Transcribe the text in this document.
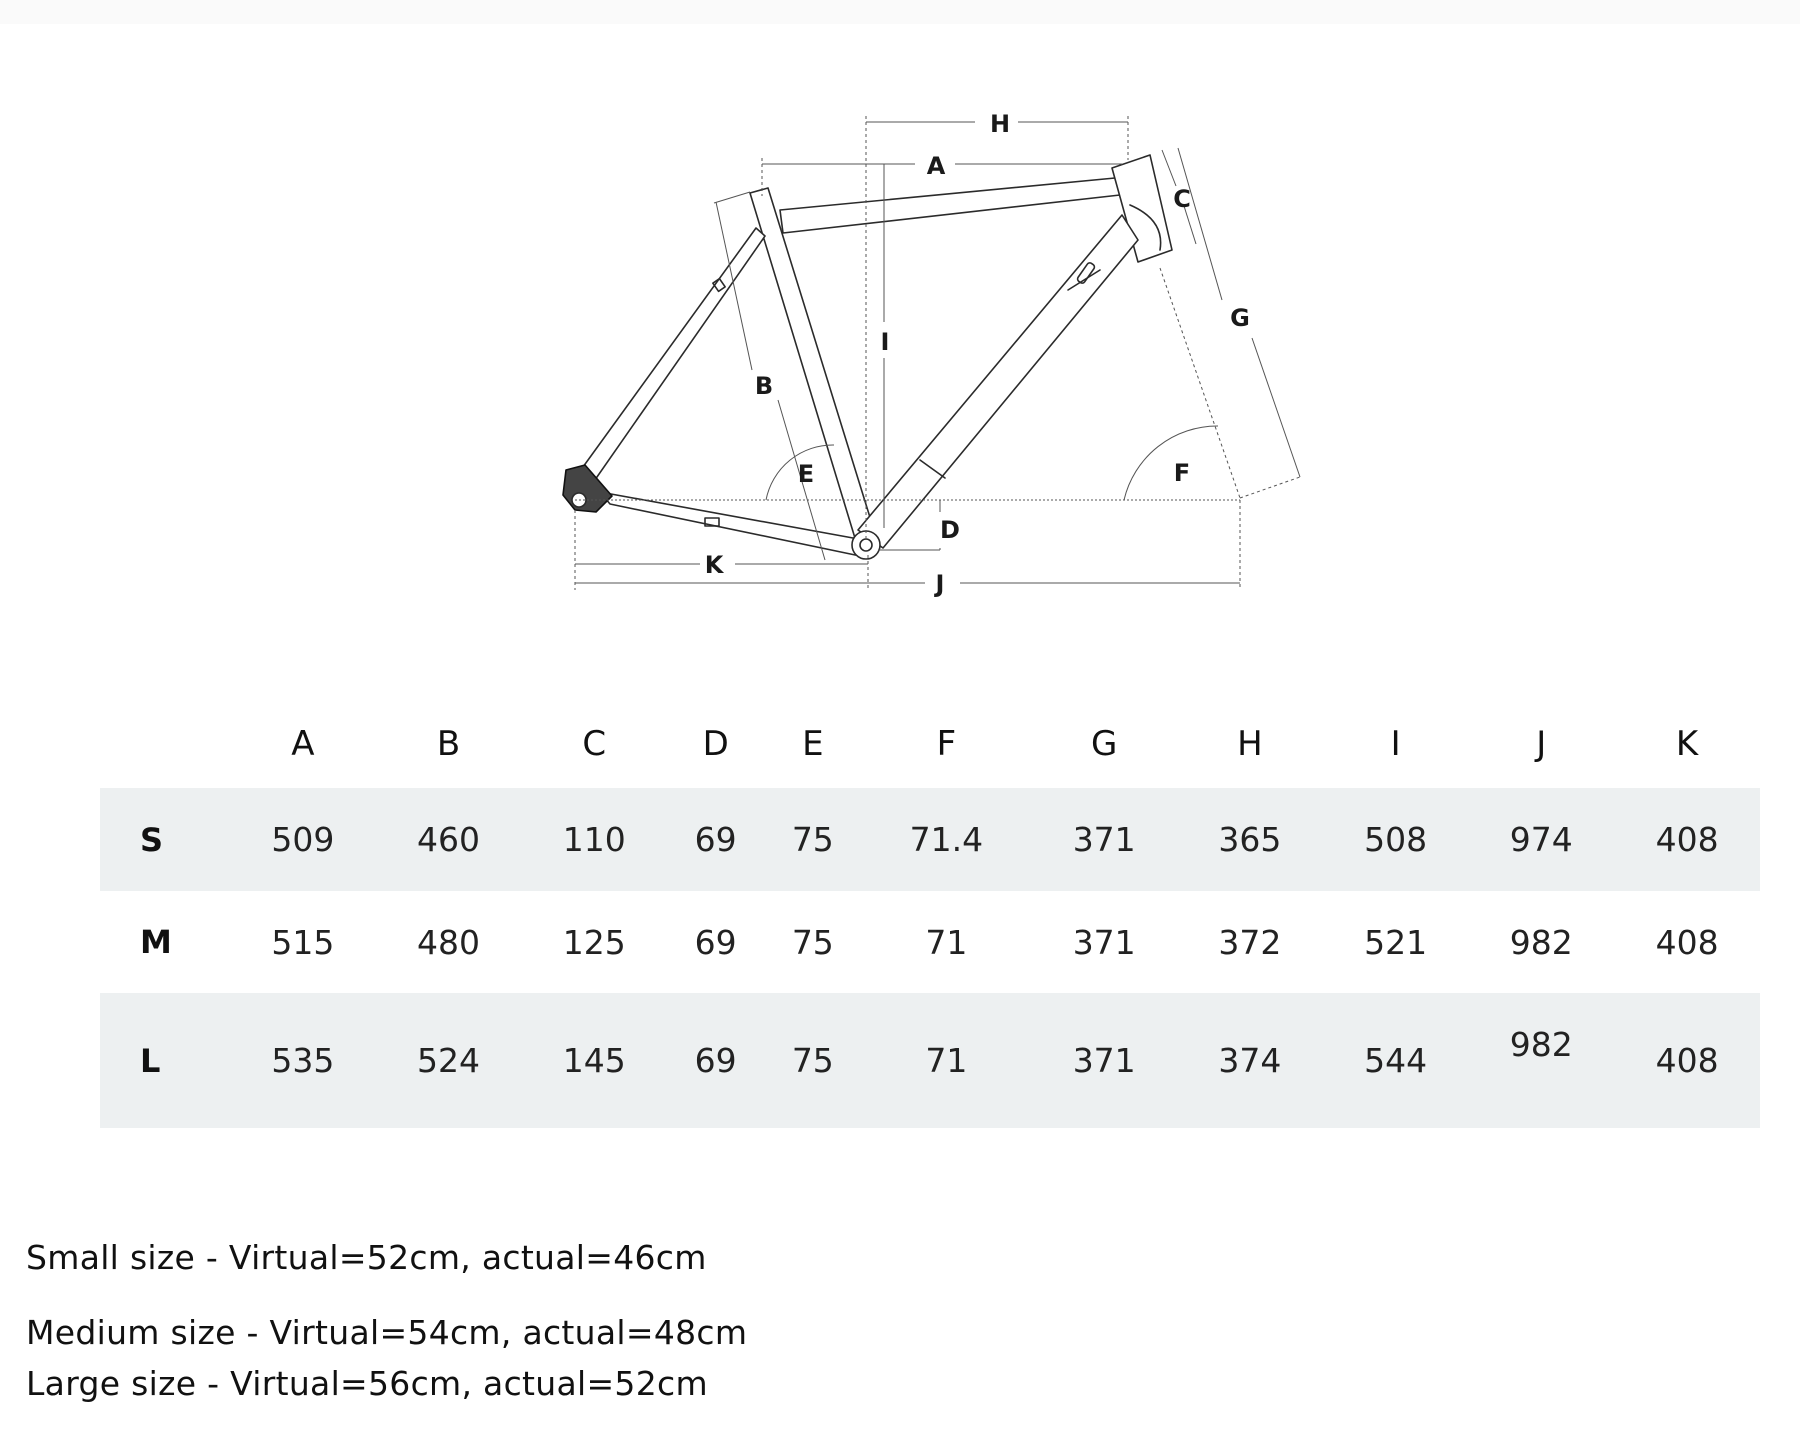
H
A
C
G
I
B
E	F
D
K
J
	A	B	C	D	E	F	G	H	I	J	K
S	509	460	110	69	75	71.4	371	365	508	974	408
M	515	480	125	69	75	71	371	372	521	982	408
L	535	524	145	69	75	71	371	374	544	982	408
Small size - Virtual=52cm, actual=46cm
Medium size - Virtual=54cm, actual=48cm
Large size - Virtual=56cm, actual=52cm
